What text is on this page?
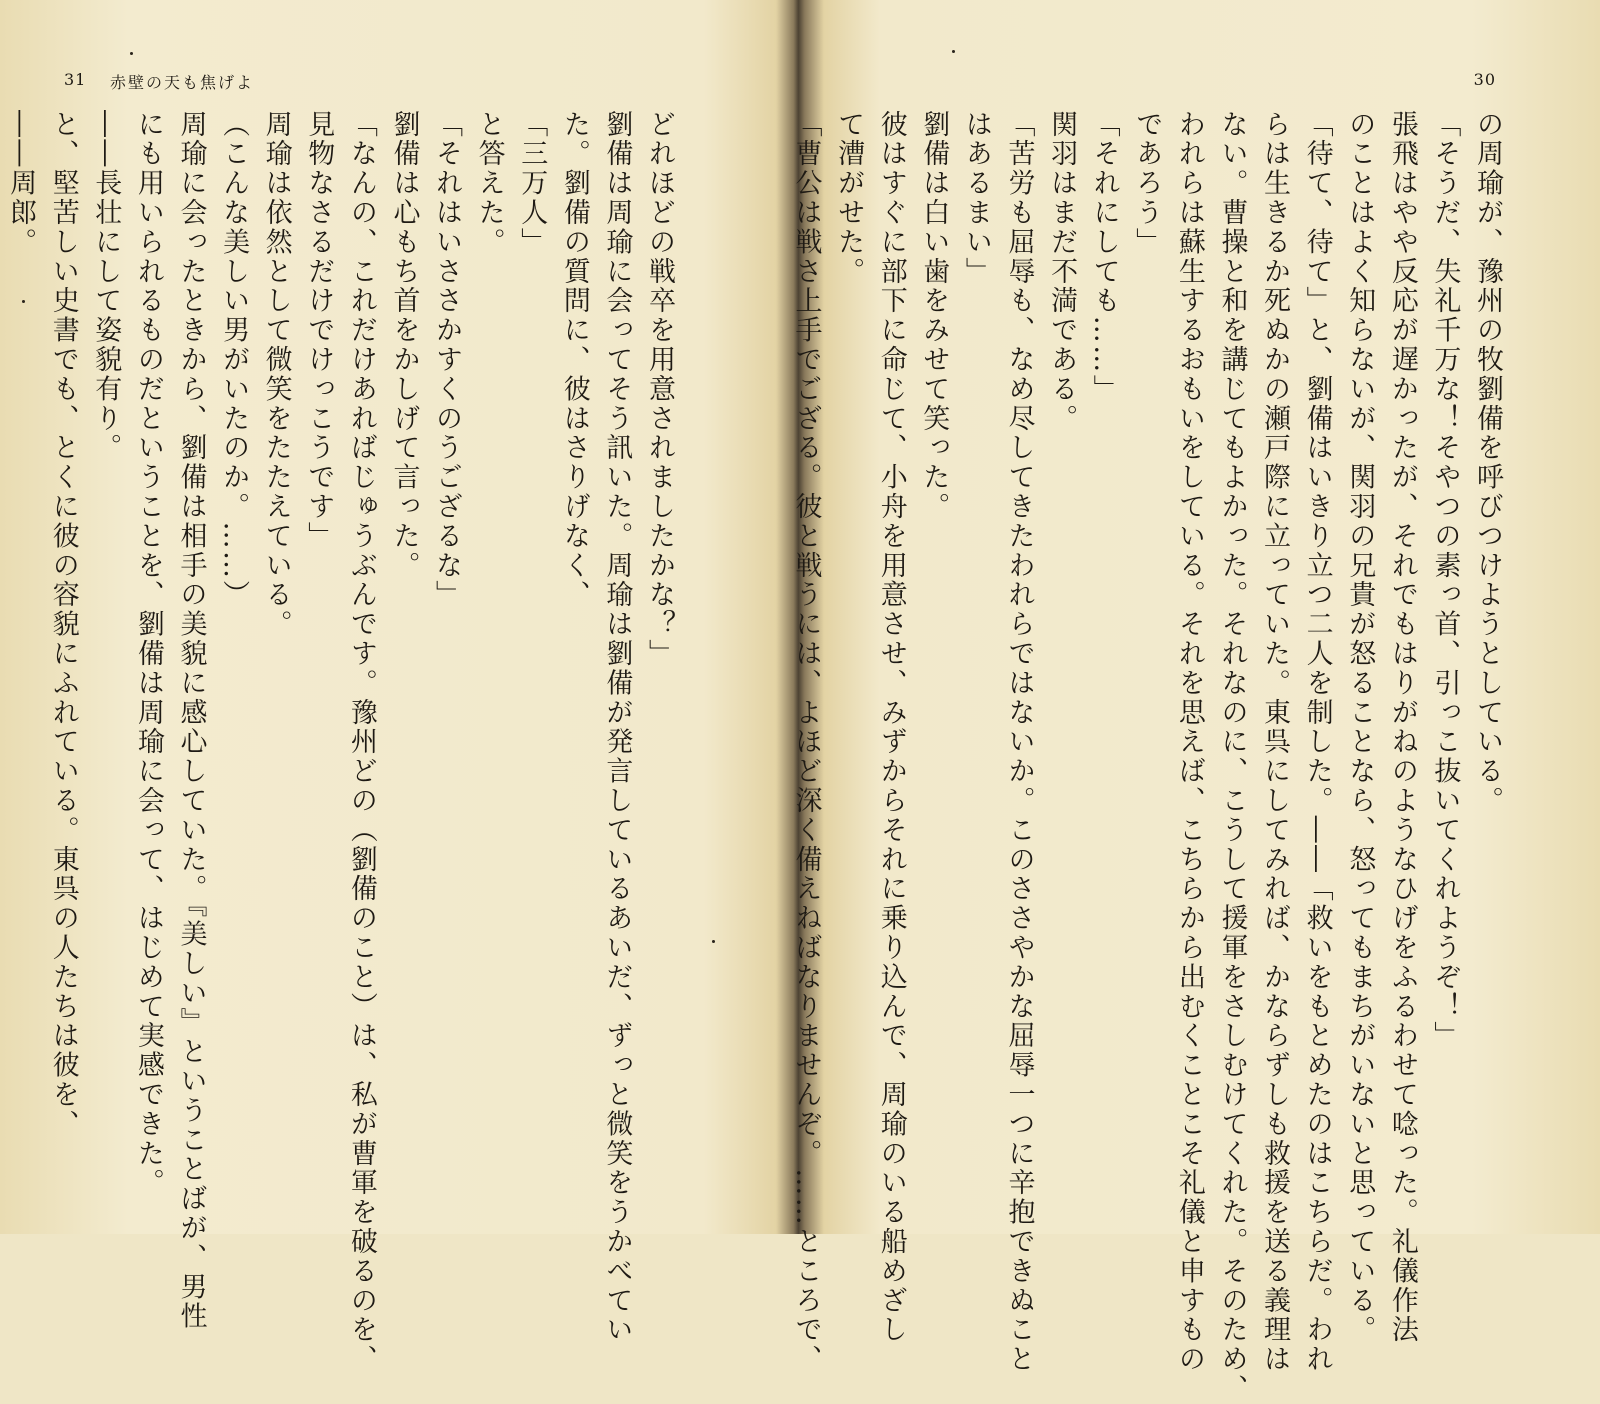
31 赤壁の天も焦げよ
どれほどの戦卒を用意されましたかな？」
劉備は周瑜に会ってそう訊いた。周瑜は劉備が発言しているあいだ、ずっと微笑をうかべてい
た。劉備の質問に、彼はさりげなく、
「三万人」
と答えた。
「それはいささかすくのうござるな」
劉備は心もち首をかしげて言った。
「なんの、これだけあればじゅうぶんです。豫州どの（劉備のこと）は、私が曹軍を破るのを、
見物なさるだけでけっこうです」
周瑜は依然として微笑をたたえている。
（こんな美しい男がいたのか。……）
周瑜に会ったときから、劉備は相手の美貌に感心していた。『美しい』ということばが、男性
にも用いられるものだということを、劉備は周瑜に会って、はじめて実感できた。
――長壮にして姿貌有り。
と、堅苦しい史書でも、とくに彼の容貌にふれている。東呉の人たちは彼を、
――周郎。
30
の周瑜が、豫州の牧劉備を呼びつけようとしている。
「そうだ、失礼千万な！そやつの素っ首、引っこ抜いてくれようぞ！」
張飛はやや反応が遅かったが、それでもはりがねのようなひげをふるわせて唸った。礼儀作法
のことはよく知らないが、関羽の兄貴が怒ることなら、怒ってもまちがいないと思っている。
「待て、待て」と、劉備はいきり立つ二人を制した。――「救いをもとめたのはこちらだ。われ
らは生きるか死ぬかの瀬戸際に立っていた。東呉にしてみれば、かならずしも救援を送る義理は
ない。曹操と和を講じてもよかった。それなのに、こうして援軍をさしむけてくれた。そのため、
われらは蘇生するおもいをしている。それを思えば、こちらから出むくことこそ礼儀と申すもの
であろう」
「それにしても……」
関羽はまだ不満である。
「苦労も屈辱も、なめ尽してきたわれらではないか。このささやかな屈辱一つに辛抱できぬこと
はあるまい」
劉備は白い歯をみせて笑った。
彼はすぐに部下に命じて、小舟を用意させ、みずからそれに乗り込んで、周瑜のいる船めざし
て漕がせた。
「曹公は戦さ上手でござる。彼と戦うには、よほど深く備えねばなりませんぞ。……ところで、
